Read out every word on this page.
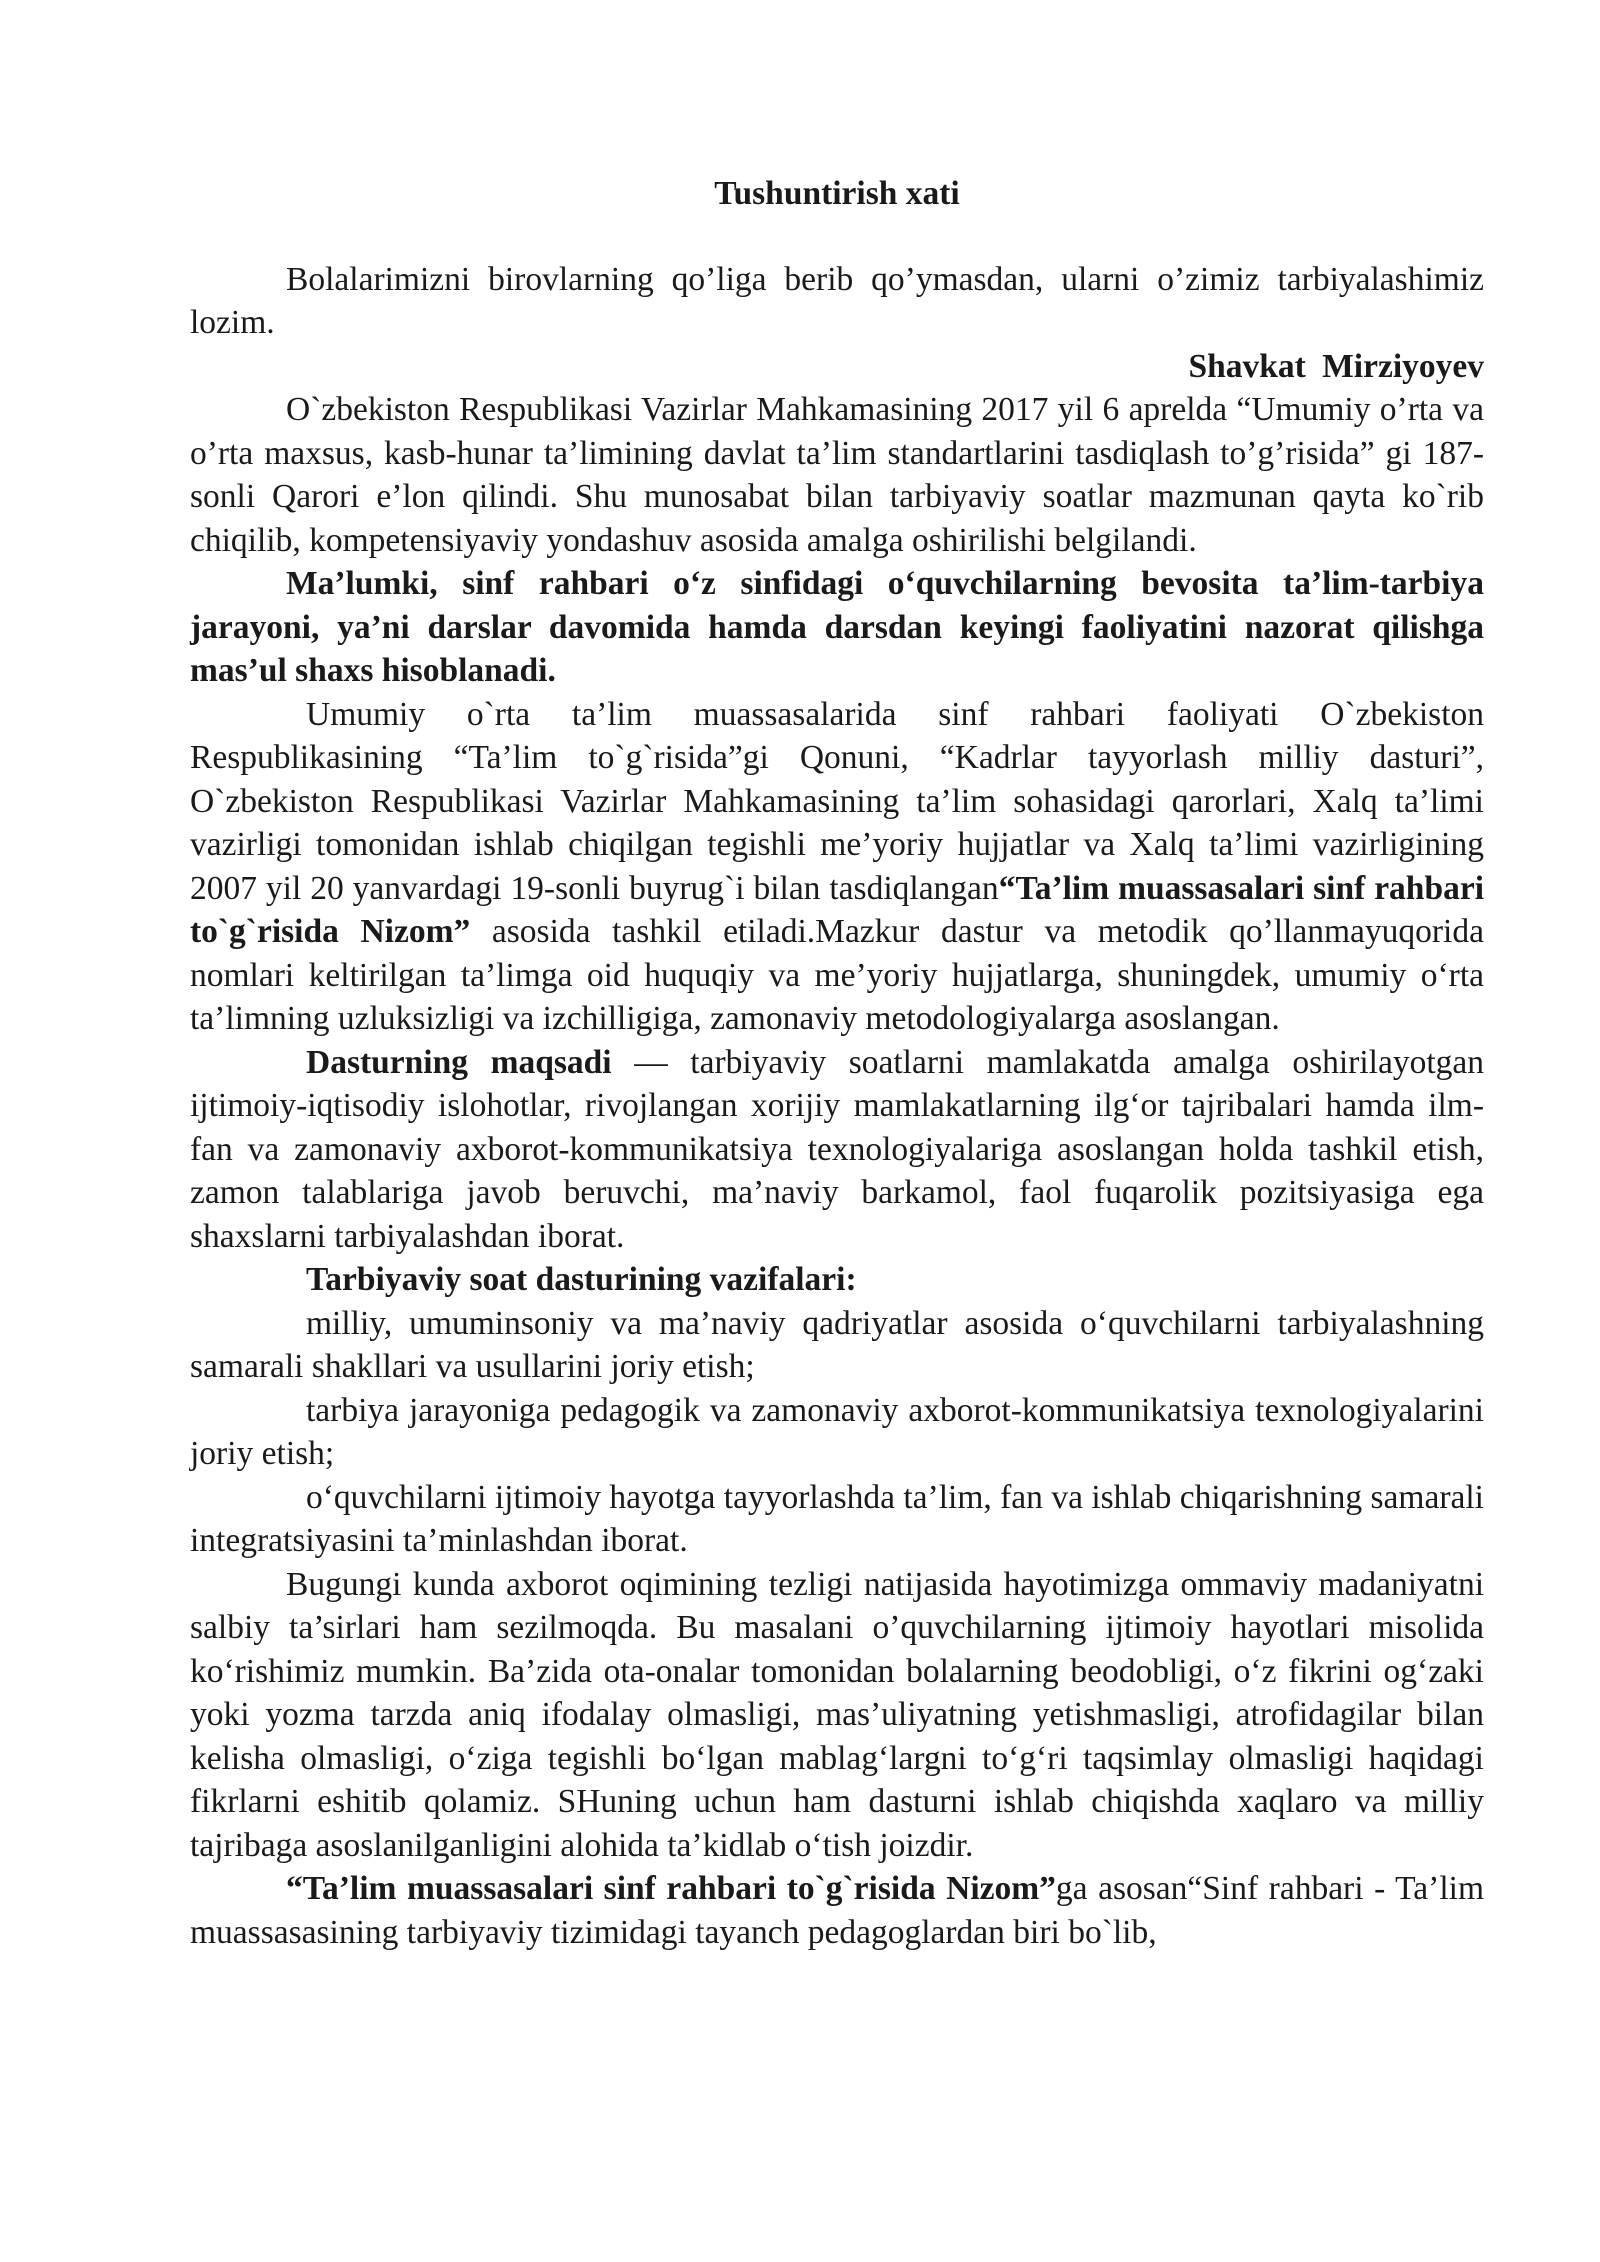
Tushuntirish xati

Bolalarimizni birovlarning qo’liga berib qo’ymasdan, ularni o’zimiz tarbiyalashimiz lozim.

Shavkat Mirziyoyev

O`zbekiston Respublikasi Vazirlar Mahkamasining 2017 yil 6 aprelda “Umumiy o’rta va o’rta maxsus, kasb-hunar ta’limining davlat ta’lim standartlarini tasdiqlash to’g’risida” gi 187-sonli Qarori e’lon qilindi. Shu munosabat bilan tarbiyaviy soatlar mazmunan qayta ko`rib chiqilib, kompetensiyaviy yondashuv asosida amalga oshirilishi belgilandi.

Ma’lumki, sinf rahbari o‘z sinfidagi o‘quvchilarning bevosita ta’lim-tarbiya jarayoni, ya’ni darslar davomida hamda darsdan keyingi faoliyatini nazorat qilishga mas’ul shaxs hisoblanadi.

Umumiy o`rta ta’lim muassasalarida sinf rahbari faoliyati O`zbekiston Respublikasining “Ta’lim to`g`risida”gi Qonuni, “Kadrlar tayyorlash milliy dasturi”, O`zbekiston Respublikasi Vazirlar Mahkamasining ta’lim sohasidagi qarorlari, Xalq ta’limi vazirligi tomonidan ishlab chiqilgan tegishli me’yoriy hujjatlar va Xalq ta’limi vazirligining 2007 yil 20 yanvardagi 19-sonli buyrug`i bilan tasdiqlangan“Ta’lim muassasalari sinf rahbari to`g`risida Nizom” asosida tashkil etiladi.Mazkur dastur va metodik qo’llanmayuqorida nomlari keltirilgan ta’limga oid huquqiy va me’yoriy hujjatlarga, shuningdek, umumiy o‘rta ta’limning uzluksizligi va izchilligiga, zamonaviy metodologiyalarga asoslangan.

Dasturning maqsadi — tarbiyaviy soatlarni mamlakatda amalga oshirilayotgan ijtimoiy-iqtisodiy islohotlar, rivojlangan xorijiy mamlakatlarning ilg‘or tajribalari hamda ilm-fan va zamonaviy axborot-kommunikatsiya texnologiyalariga asoslangan holda tashkil etish, zamon talablariga javob beruvchi, ma’naviy barkamol, faol fuqarolik pozitsiyasiga ega shaxslarni tarbiyalashdan iborat.

Tarbiyaviy soat dasturining vazifalari:

milliy, umuminsoniy va ma’naviy qadriyatlar asosida o‘quvchilarni tarbiyalashning samarali shakllari va usullarini joriy etish;

tarbiya jarayoniga pedagogik va zamonaviy axborot-kommunikatsiya texnologiyalarini joriy etish;

o‘quvchilarni ijtimoiy hayotga tayyorlashda ta’lim, fan va ishlab chiqarishning samarali integratsiyasini ta’minlashdan iborat.

Bugungi kunda axborot oqimining tezligi natijasida hayotimizga ommaviy madaniyatni salbiy ta’sirlari ham sezilmoqda. Bu masalani o’quvchilarning ijtimoiy hayotlari misolida ko‘rishimiz mumkin. Ba’zida ota-onalar tomonidan bolalarning beodobligi, o‘z fikrini og‘zaki yoki yozma tarzda aniq ifodalay olmasligi, mas’uliyatning yetishmasligi, atrofidagilar bilan kelisha olmasligi, o‘ziga tegishli bo‘lgan mablag‘largni to‘g‘ri taqsimlay olmasligi haqidagi fikrlarni eshitib qolamiz. SHuning uchun ham dasturni ishlab chiqishda xaqlaro va milliy tajribaga asoslanilganligini alohida ta’kidlab o‘tish joizdir.

“Ta’lim muassasalari sinf rahbari to`g`risida Nizom”ga asosan“Sinf rahbari - Ta’lim muassasasining tarbiyaviy tizimidagi tayanch pedagoglardan biri bo`lib,
